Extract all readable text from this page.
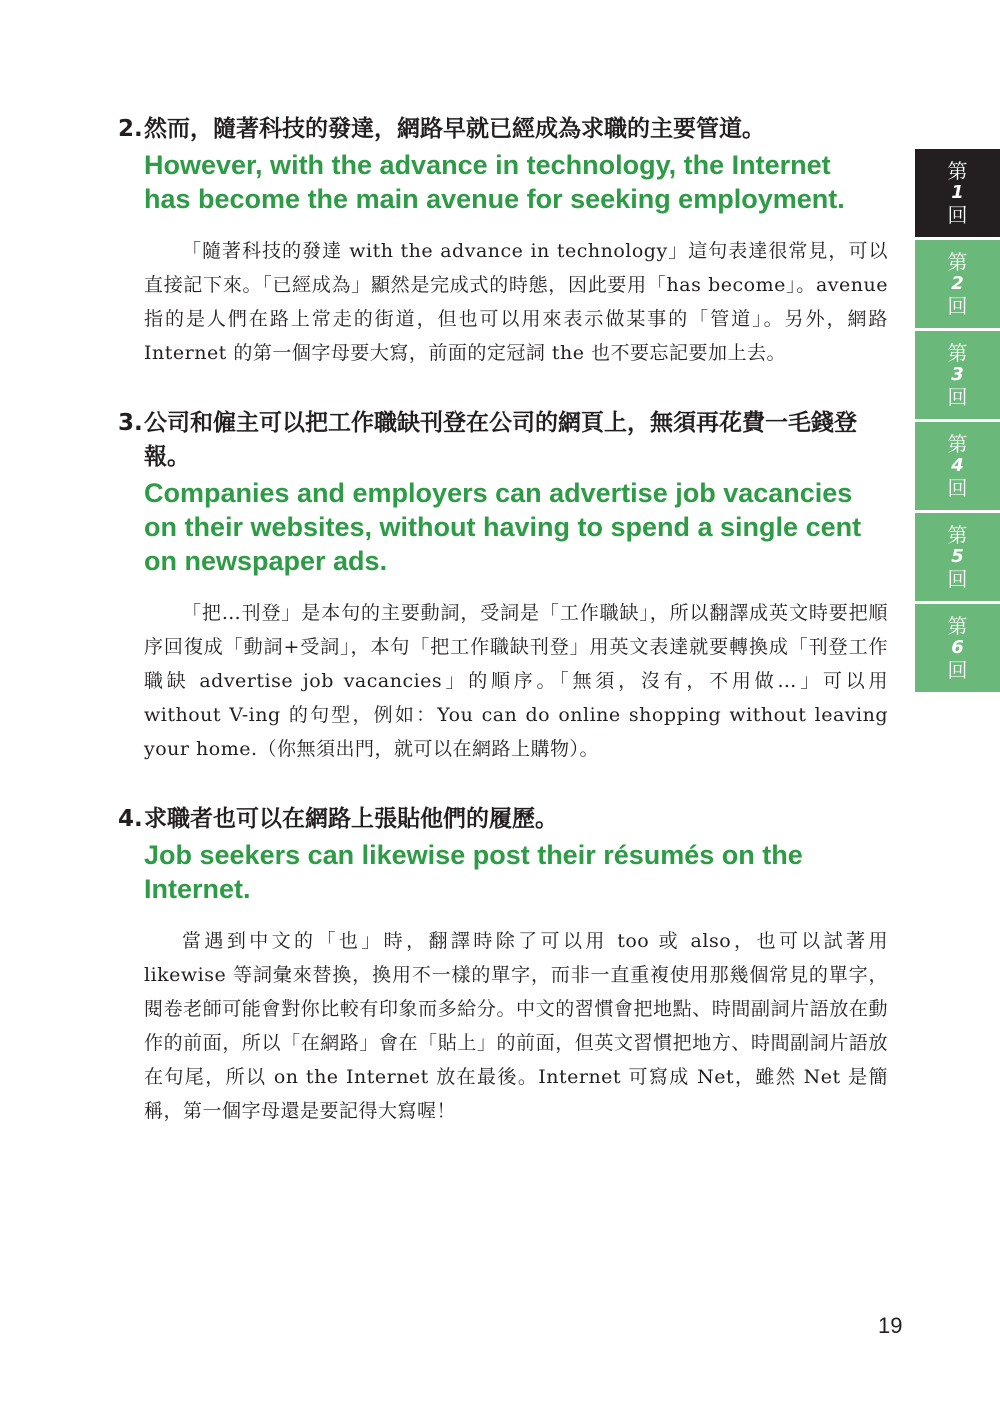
2. 然而，隨著科技的發達，網路早就已經成為求職的主要管道。
However, with the advance in technology, the Internet
has become the main avenue for seeking employment.
「隨著科技的發達 with the advance in technology」這句表達很常見，可以直接記下來。「已經成為」顯然是完成式的時態，因此要用「has become」。avenue 指的是人們在路上常走的街道，但也可以用來表示做某事的「管道」。另外，網路 Internet 的第一個字母要大寫，前面的定冠詞 the 也不要忘記要加上去。
3. 公司和僱主可以把工作職缺刊登在公司的網頁上，無須再花費一毛錢登報。
Companies and employers can advertise job vacancies
on their websites, without having to spend a single cent
on newspaper ads.
「把…刊登」是本句的主要動詞，受詞是「工作職缺」，所以翻譯成英文時要把順序回復成「動詞+受詞」，本句「把工作職缺刊登」用英文表達就要轉換成「刊登工作職缺 advertise job vacancies」的順序。「無須，沒有，不用做…」可以用 without V-ing 的句型，例如：You can do online shopping without leaving your home.（你無須出門，就可以在網路上購物）。
4. 求職者也可以在網路上張貼他們的履歷。
Job seekers can likewise post their résumés on the
Internet.
當遇到中文的「也」時，翻譯時除了可以用 too 或 also，也可以試著用 likewise 等詞彙來替換，換用不一樣的單字，而非一直重複使用那幾個常見的單字，閱卷老師可能會對你比較有印象而多給分。中文的習慣會把地點、時間副詞片語放在動作的前面，所以「在網路」會在「貼上」的前面，但英文習慣把地方、時間副詞片語放在句尾，所以 on the Internet 放在最後。Internet 可寫成 Net，雖然 Net 是簡稱，第一個字母還是要記得大寫喔！
第
1
回
第
2
回
第
3
回
第
4
回
第
5
回
第
6
回
19
